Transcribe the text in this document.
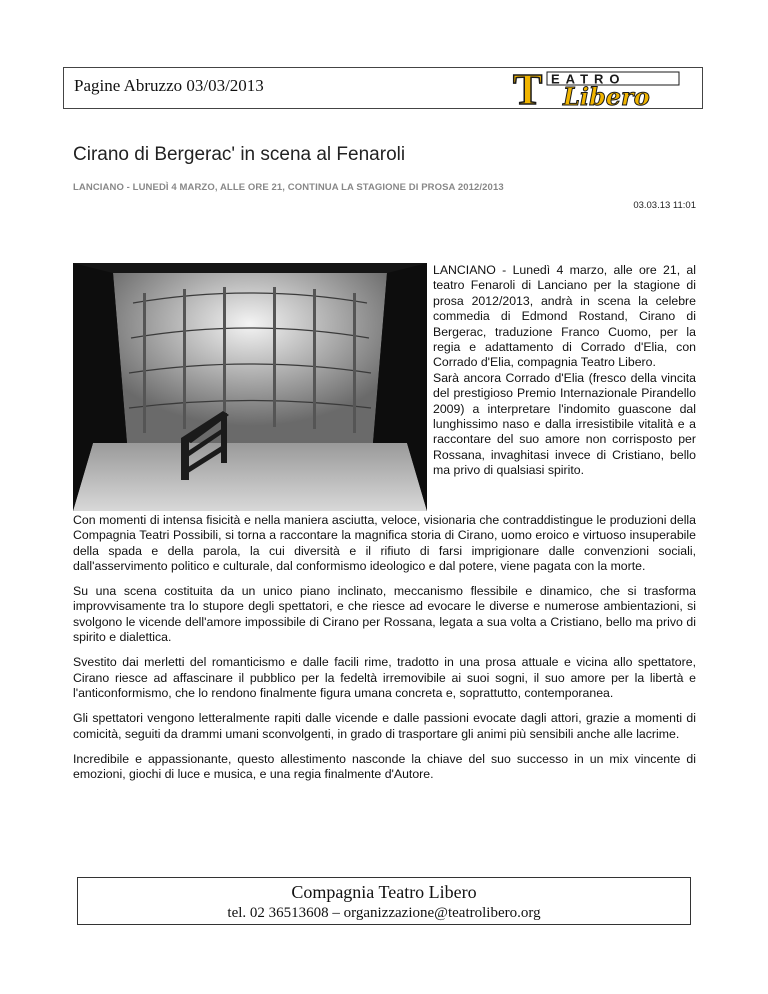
Pagine Abruzzo 03/03/2013	T EATRO
Libero
Cirano di Bergerac' in scena al Fenaroli
LANCIANO - LUNEDÌ 4 MARZO, ALLE ORE 21, CONTINUA LA STAGIONE DI PROSA 2012/2013
03.03.13 11:01

LANCIANO - Lunedì 4 marzo, alle ore 21, al teatro Fenaroli di Lanciano per la stagione di prosa 2012/2013, andrà in scena la celebre commedia di Edmond Rostand, Cirano di Bergerac, traduzione Franco Cuomo, per la regia e adattamento di Corrado d'Elia, con Corrado d'Elia, compagnia Teatro Libero.

Sarà ancora Corrado d'Elia (fresco della vincita del prestigioso Premio Internazionale Pirandello 2009) a interpretare l'indomito guascone dal lunghissimo naso e dalla irresistibile vitalità e a raccontare del suo amore non corrisposto per Rossana, invaghitasi invece di Cristiano, bello ma privo di qualsiasi spirito.

Con momenti di intensa fisicità e nella maniera asciutta, veloce, visionaria che contraddistingue le produzioni della Compagnia Teatri Possibili, si torna a raccontare la magnifica storia di Cirano, uomo eroico e virtuoso insuperabile della spada e della parola, la cui diversità e il rifiuto di farsi imprigionare dalle convenzioni sociali, dall'asservimento politico e culturale, dal conformismo ideologico e dal potere, viene pagata con la morte.

Su una scena costituita da un unico piano inclinato, meccanismo flessibile e dinamico, che si trasforma improvvisamente tra lo stupore degli spettatori, e che riesce ad evocare le diverse e numerose ambientazioni, si svolgono le vicende dell'amore impossibile di Cirano per Rossana, legata a sua volta a Cristiano, bello ma privo di spirito e dialettica.

Svestito dai merletti del romanticismo e dalle facili rime, tradotto in una prosa attuale e vicina allo spettatore, Cirano riesce ad affascinare il pubblico per la fedeltà irremovibile ai suoi sogni, il suo amore per la libertà e l'anticonformismo, che lo rendono finalmente figura umana concreta e, soprattutto, contemporanea.

Gli spettatori vengono letteralmente rapiti dalle vicende e dalle passioni evocate dagli attori, grazie a momenti di comicità, seguiti da drammi umani sconvolgenti, in grado di trasportare gli animi più sensibili anche alle lacrime.

Incredibile e appassionante, questo allestimento nasconde la chiave del suo successo in un mix vincente di emozioni, giochi di luce e musica, e una regia finalmente d'Autore.

Compagnia Teatro Libero
tel. 02 36513608 – organizzazione@teatrolibero.org
